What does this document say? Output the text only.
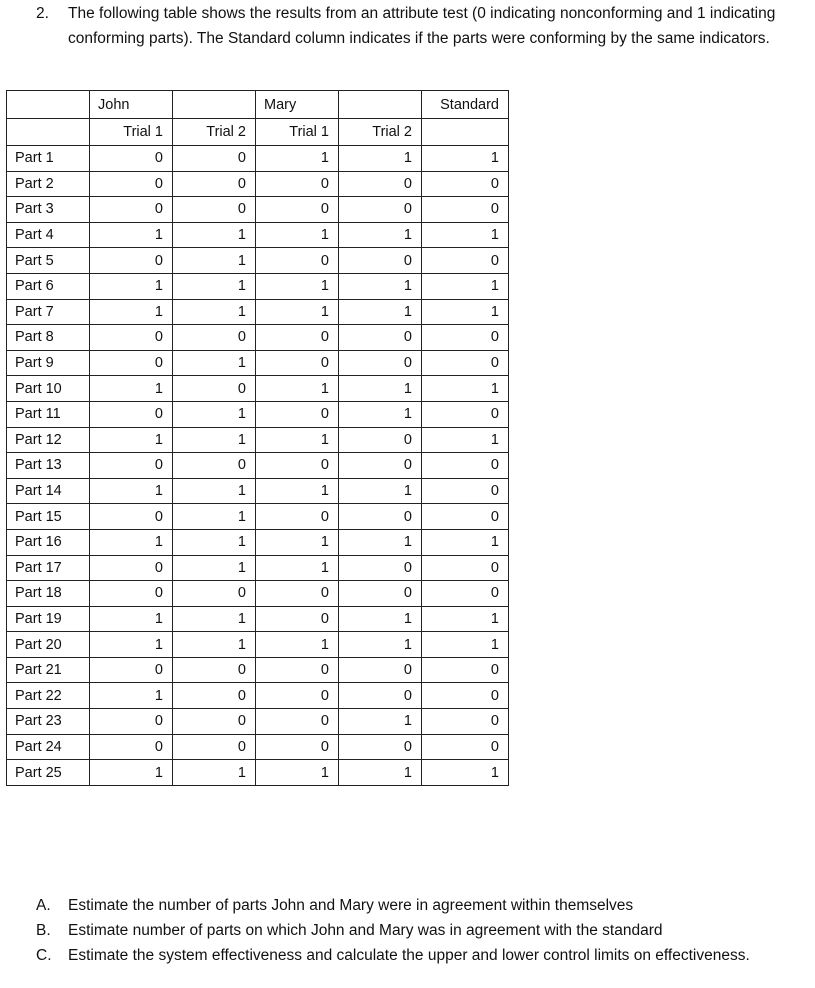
2. The following table shows the results from an attribute test (0 indicating nonconforming and 1 indicating conforming parts). The Standard column indicates if the parts were conforming by the same indicators.
	John		Mary		Standard
	Trial 1	Trial 2	Trial 1	Trial 2	
Part 1	0	0	1	1	1
Part 2	0	0	0	0	0
Part 3	0	0	0	0	0
Part 4	1	1	1	1	1
Part 5	0	1	0	0	0
Part 6	1	1	1	1	1
Part 7	1	1	1	1	1
Part 8	0	0	0	0	0
Part 9	0	1	0	0	0
Part 10	1	0	1	1	1
Part 11	0	1	0	1	0
Part 12	1	1	1	0	1
Part 13	0	0	0	0	0
Part 14	1	1	1	1	0
Part 15	0	1	0	0	0
Part 16	1	1	1	1	1
Part 17	0	1	1	0	0
Part 18	0	0	0	0	0
Part 19	1	1	0	1	1
Part 20	1	1	1	1	1
Part 21	0	0	0	0	0
Part 22	1	0	0	0	0
Part 23	0	0	0	1	0
Part 24	0	0	0	0	0
Part 25	1	1	1	1	1
A. Estimate the number of parts John and Mary were in agreement within themselves
B. Estimate number of parts on which John and Mary was in agreement with the standard
C. Estimate the system effectiveness and calculate the upper and lower control limits on effectiveness.
